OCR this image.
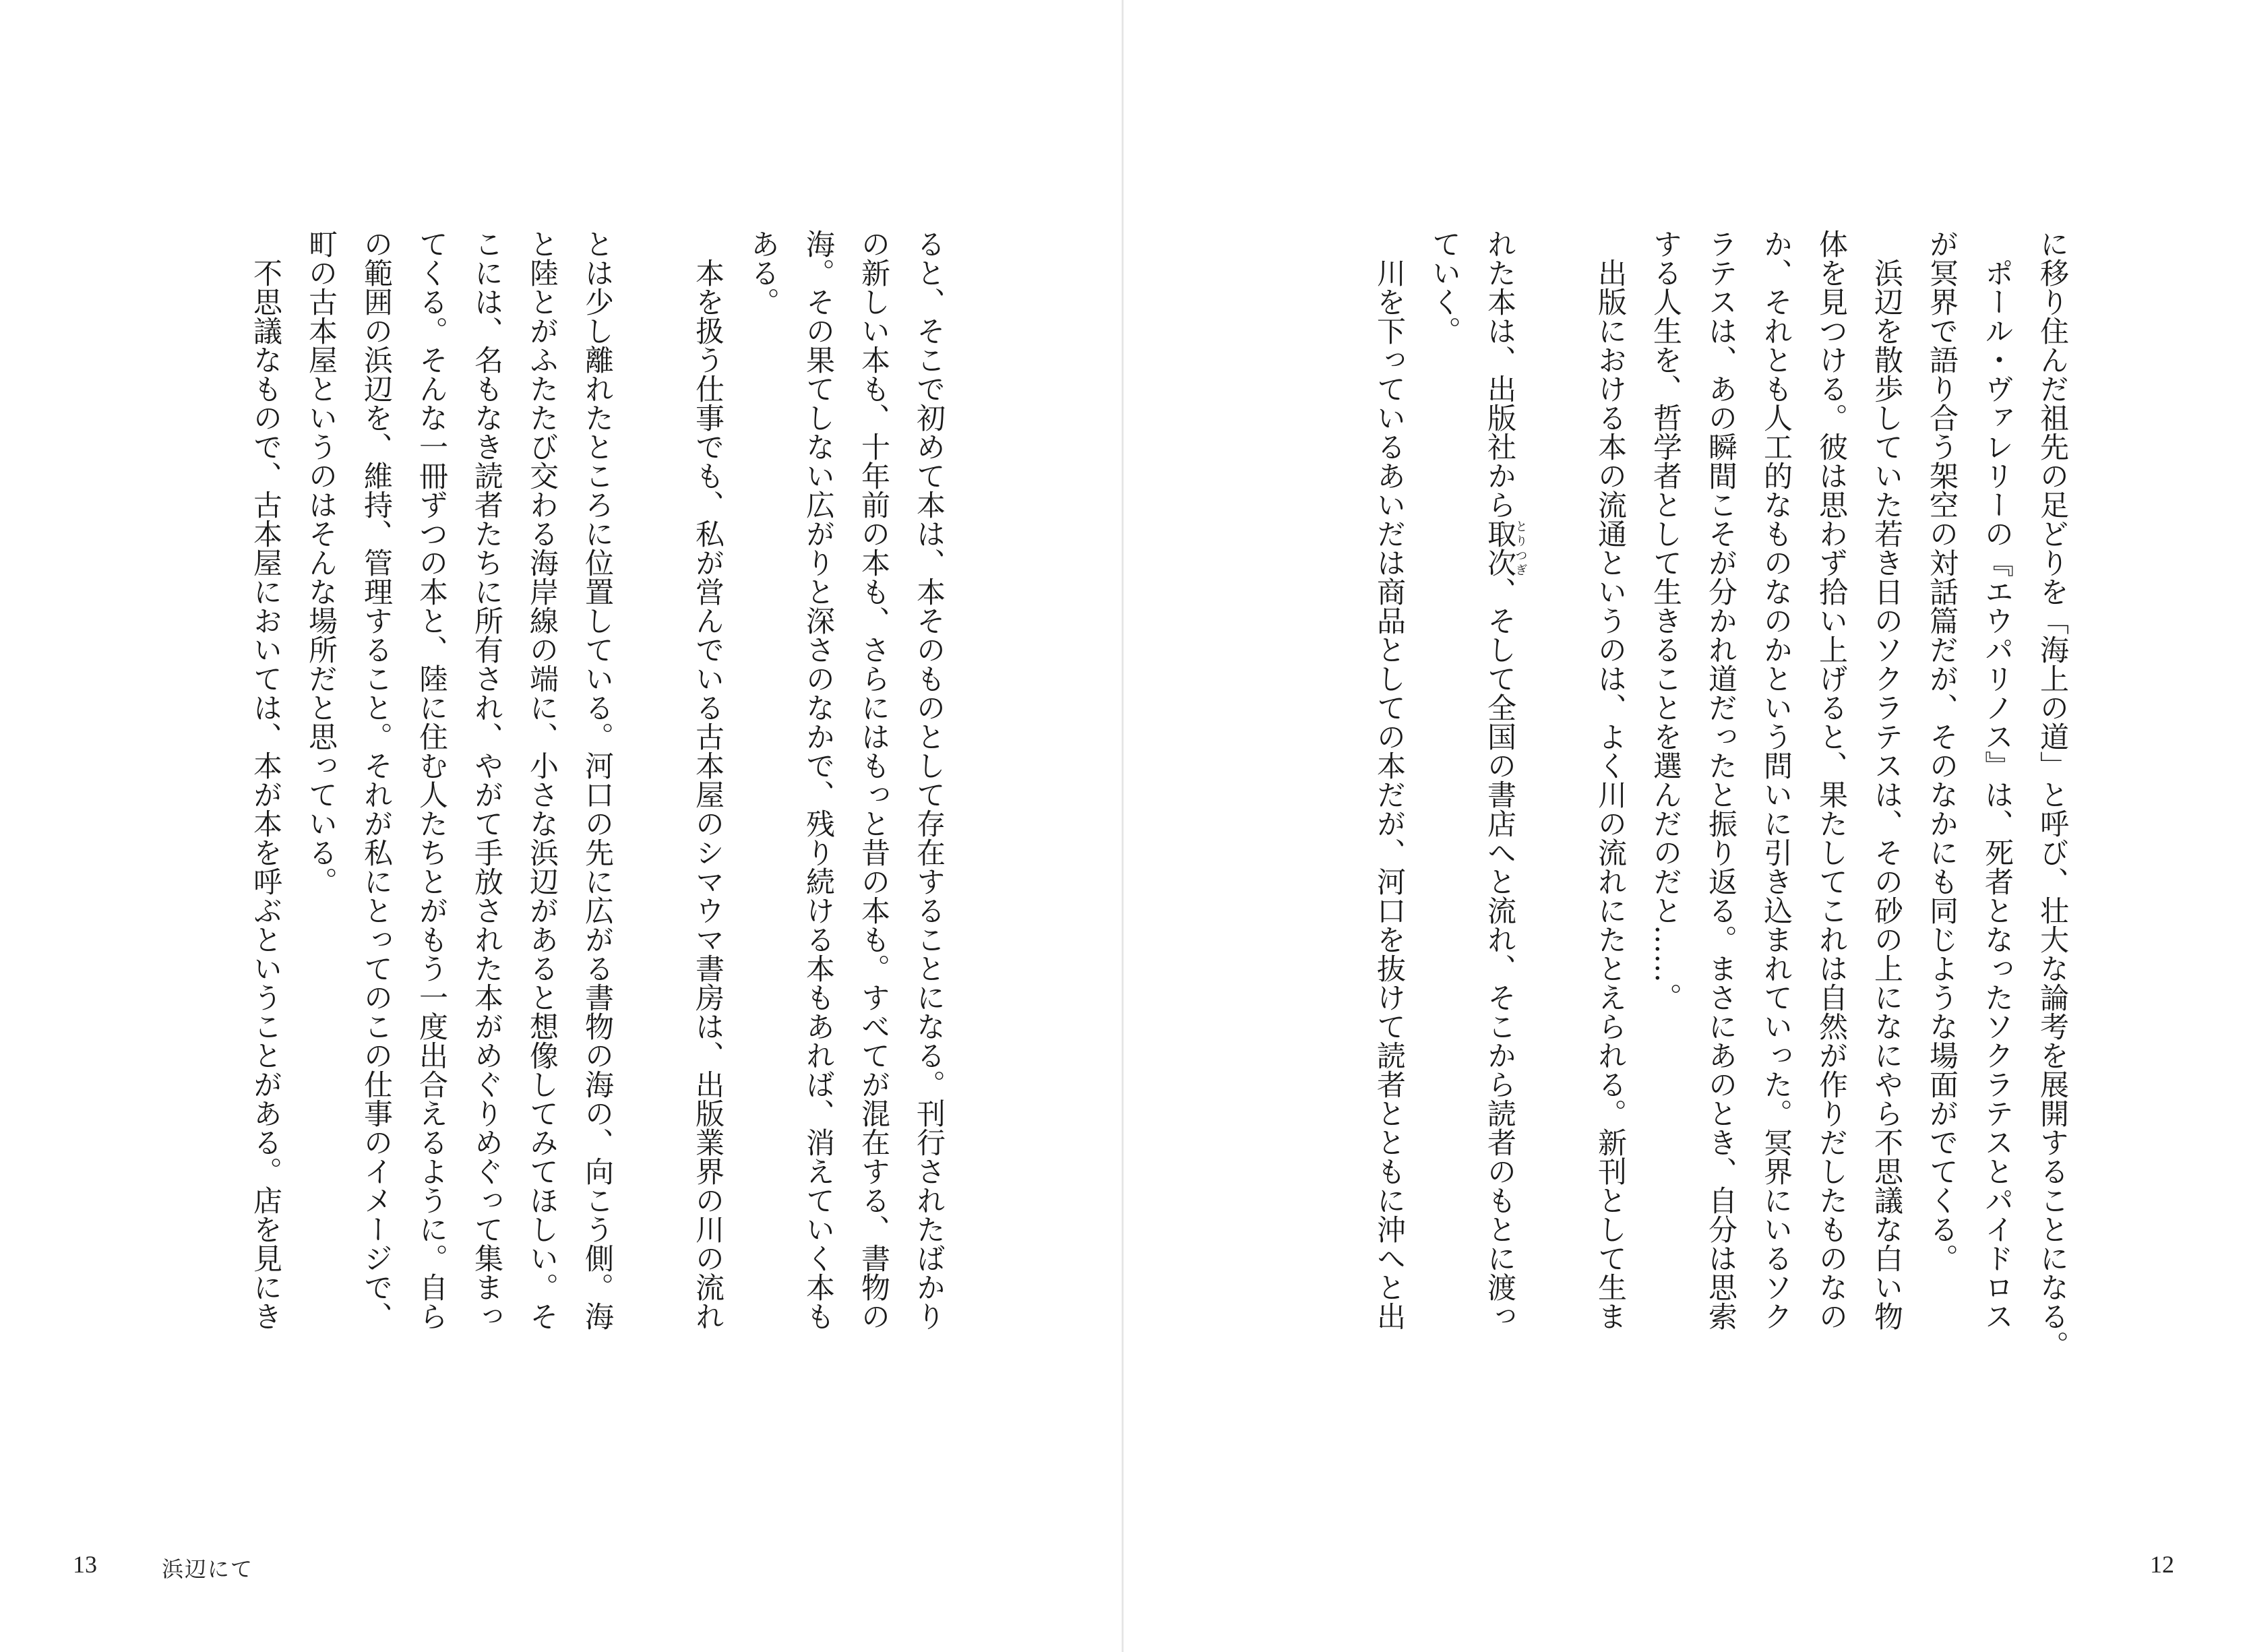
ると、そこで初めて本は、本そのものとして存在することになる。刊行されたばかり

の新しい本も、十年前の本も、さらにはもっと昔の本も。すべてが混在する、書物の

海。その果てしない広がりと深さのなかで、残り続ける本もあれば、消えていく本も

ある。

本を扱う仕事でも、私が営んでいる古本屋のシマウマ書房は、出版業界の川の流れ

とは少し離れたところに位置している。河口の先に広がる書物の海の、向こう側。海

と陸とがふたたび交わる海岸線の端に、小さな浜辺があると想像してみてほしい。そ

こには、名もなき読者たちに所有され、やがて手放された本がめぐりめぐって集まっ

てくる。そんな一冊ずつの本と、陸に住む人たちとがもう一度出合えるように。自ら

の範囲の浜辺を、維持、管理すること。それが私にとってのこの仕事のイメージで、

町の古本屋というのはそんな場所だと思っている。

不思議なもので、古本屋においては、本が本を呼ぶということがある。店を見にき

13	浜辺にて

に移り住んだ祖先の足どりを「海上の道」と呼び、壮大な論考を展開することになる。

ポール・ヴァレリーの『エウパリノス』は、死者となったソクラテスとパイドロス

が冥界で語り合う架空の対話篇だが、そのなかにも同じような場面がでてくる。

浜辺を散歩していた若き日のソクラテスは、その砂の上になにやら不思議な白い物

体を見つける。彼は思わず拾い上げると、果たしてこれは自然が作りだしたものなの

か、それとも人工的なものなのかという問いに引き込まれていった。冥界にいるソク

ラテスは、あの瞬間こそが分かれ道だったと振り返る。まさにあのとき、自分は思索

する人生を、哲学者として生きることを選んだのだと……。

出版における本の流通というのは、よく川の流れにたとえられる。新刊として生ま

れた本は、出版社から取次とりつぎ、そして全国の書店へと流れ、そこから読者のもとに渡っ

ていく。

川を下っているあいだは商品としての本だが、河口を抜けて読者とともに沖へと出

12
